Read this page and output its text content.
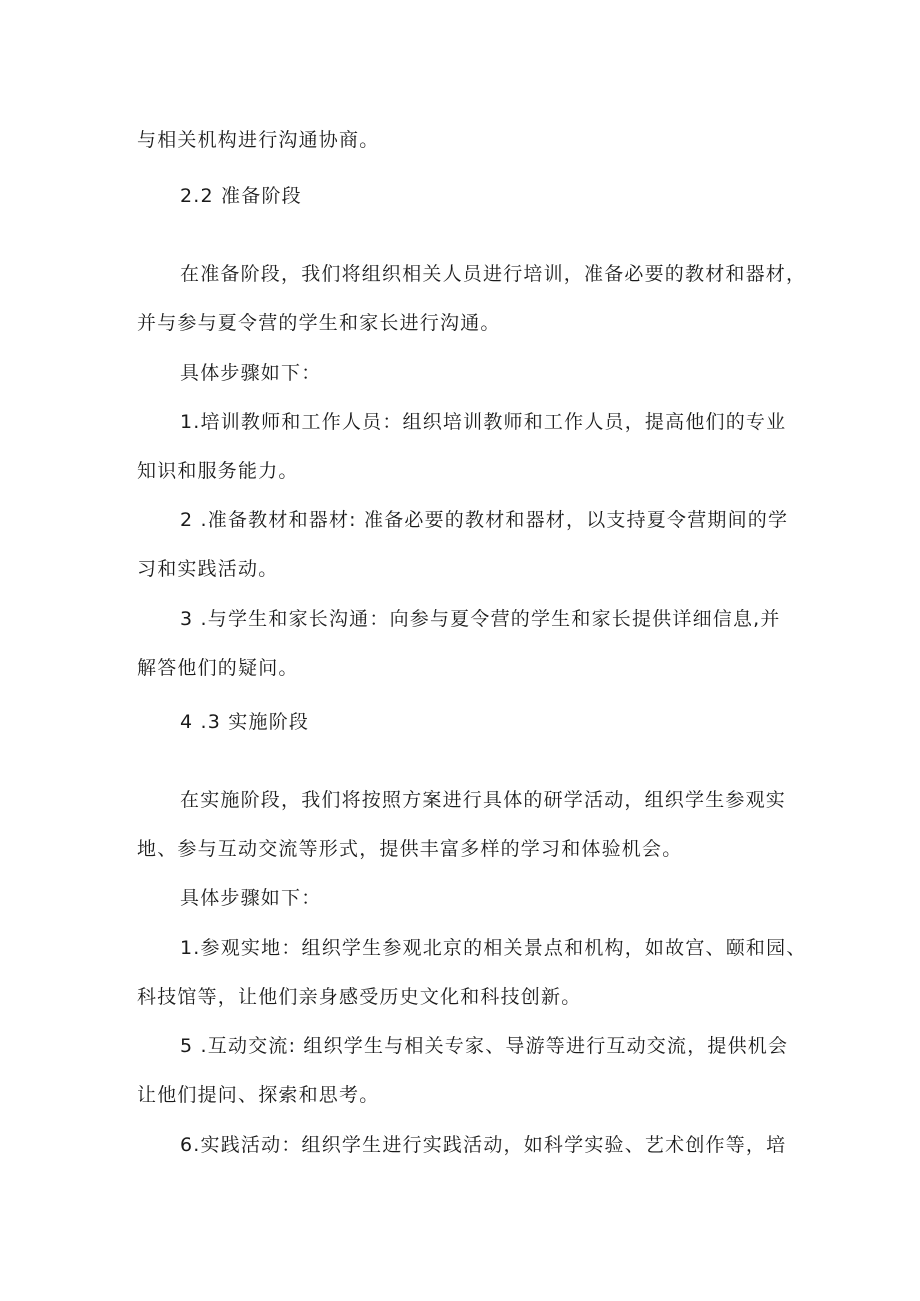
与相关机构进行沟通协商。
2.2 准备阶段
在准备阶段，我们将组织相关人员进行培训，准备必要的教材和器材，
并与参与夏令营的学生和家长进行沟通。
具体步骤如下：
1.培训教师和工作人员：组织培训教师和工作人员，提高他们的专业
知识和服务能力。
2 .准备教材和器材: 准备必要的教材和器材，以支持夏令营期间的学
习和实践活动。
3 .与学生和家长沟通：向参与夏令营的学生和家长提供详细信息,并
解答他们的疑问。
4 .3 实施阶段
在实施阶段，我们将按照方案进行具体的研学活动，组织学生参观实
地、参与互动交流等形式，提供丰富多样的学习和体验机会。
具体步骤如下：
1.参观实地：组织学生参观北京的相关景点和机构，如故宫、颐和园、
科技馆等，让他们亲身感受历史文化和科技创新。
5 .互动交流: 组织学生与相关专家、导游等进行互动交流，提供机会
让他们提问、探索和思考。
6.实践活动：组织学生进行实践活动，如科学实验、艺术创作等，培
